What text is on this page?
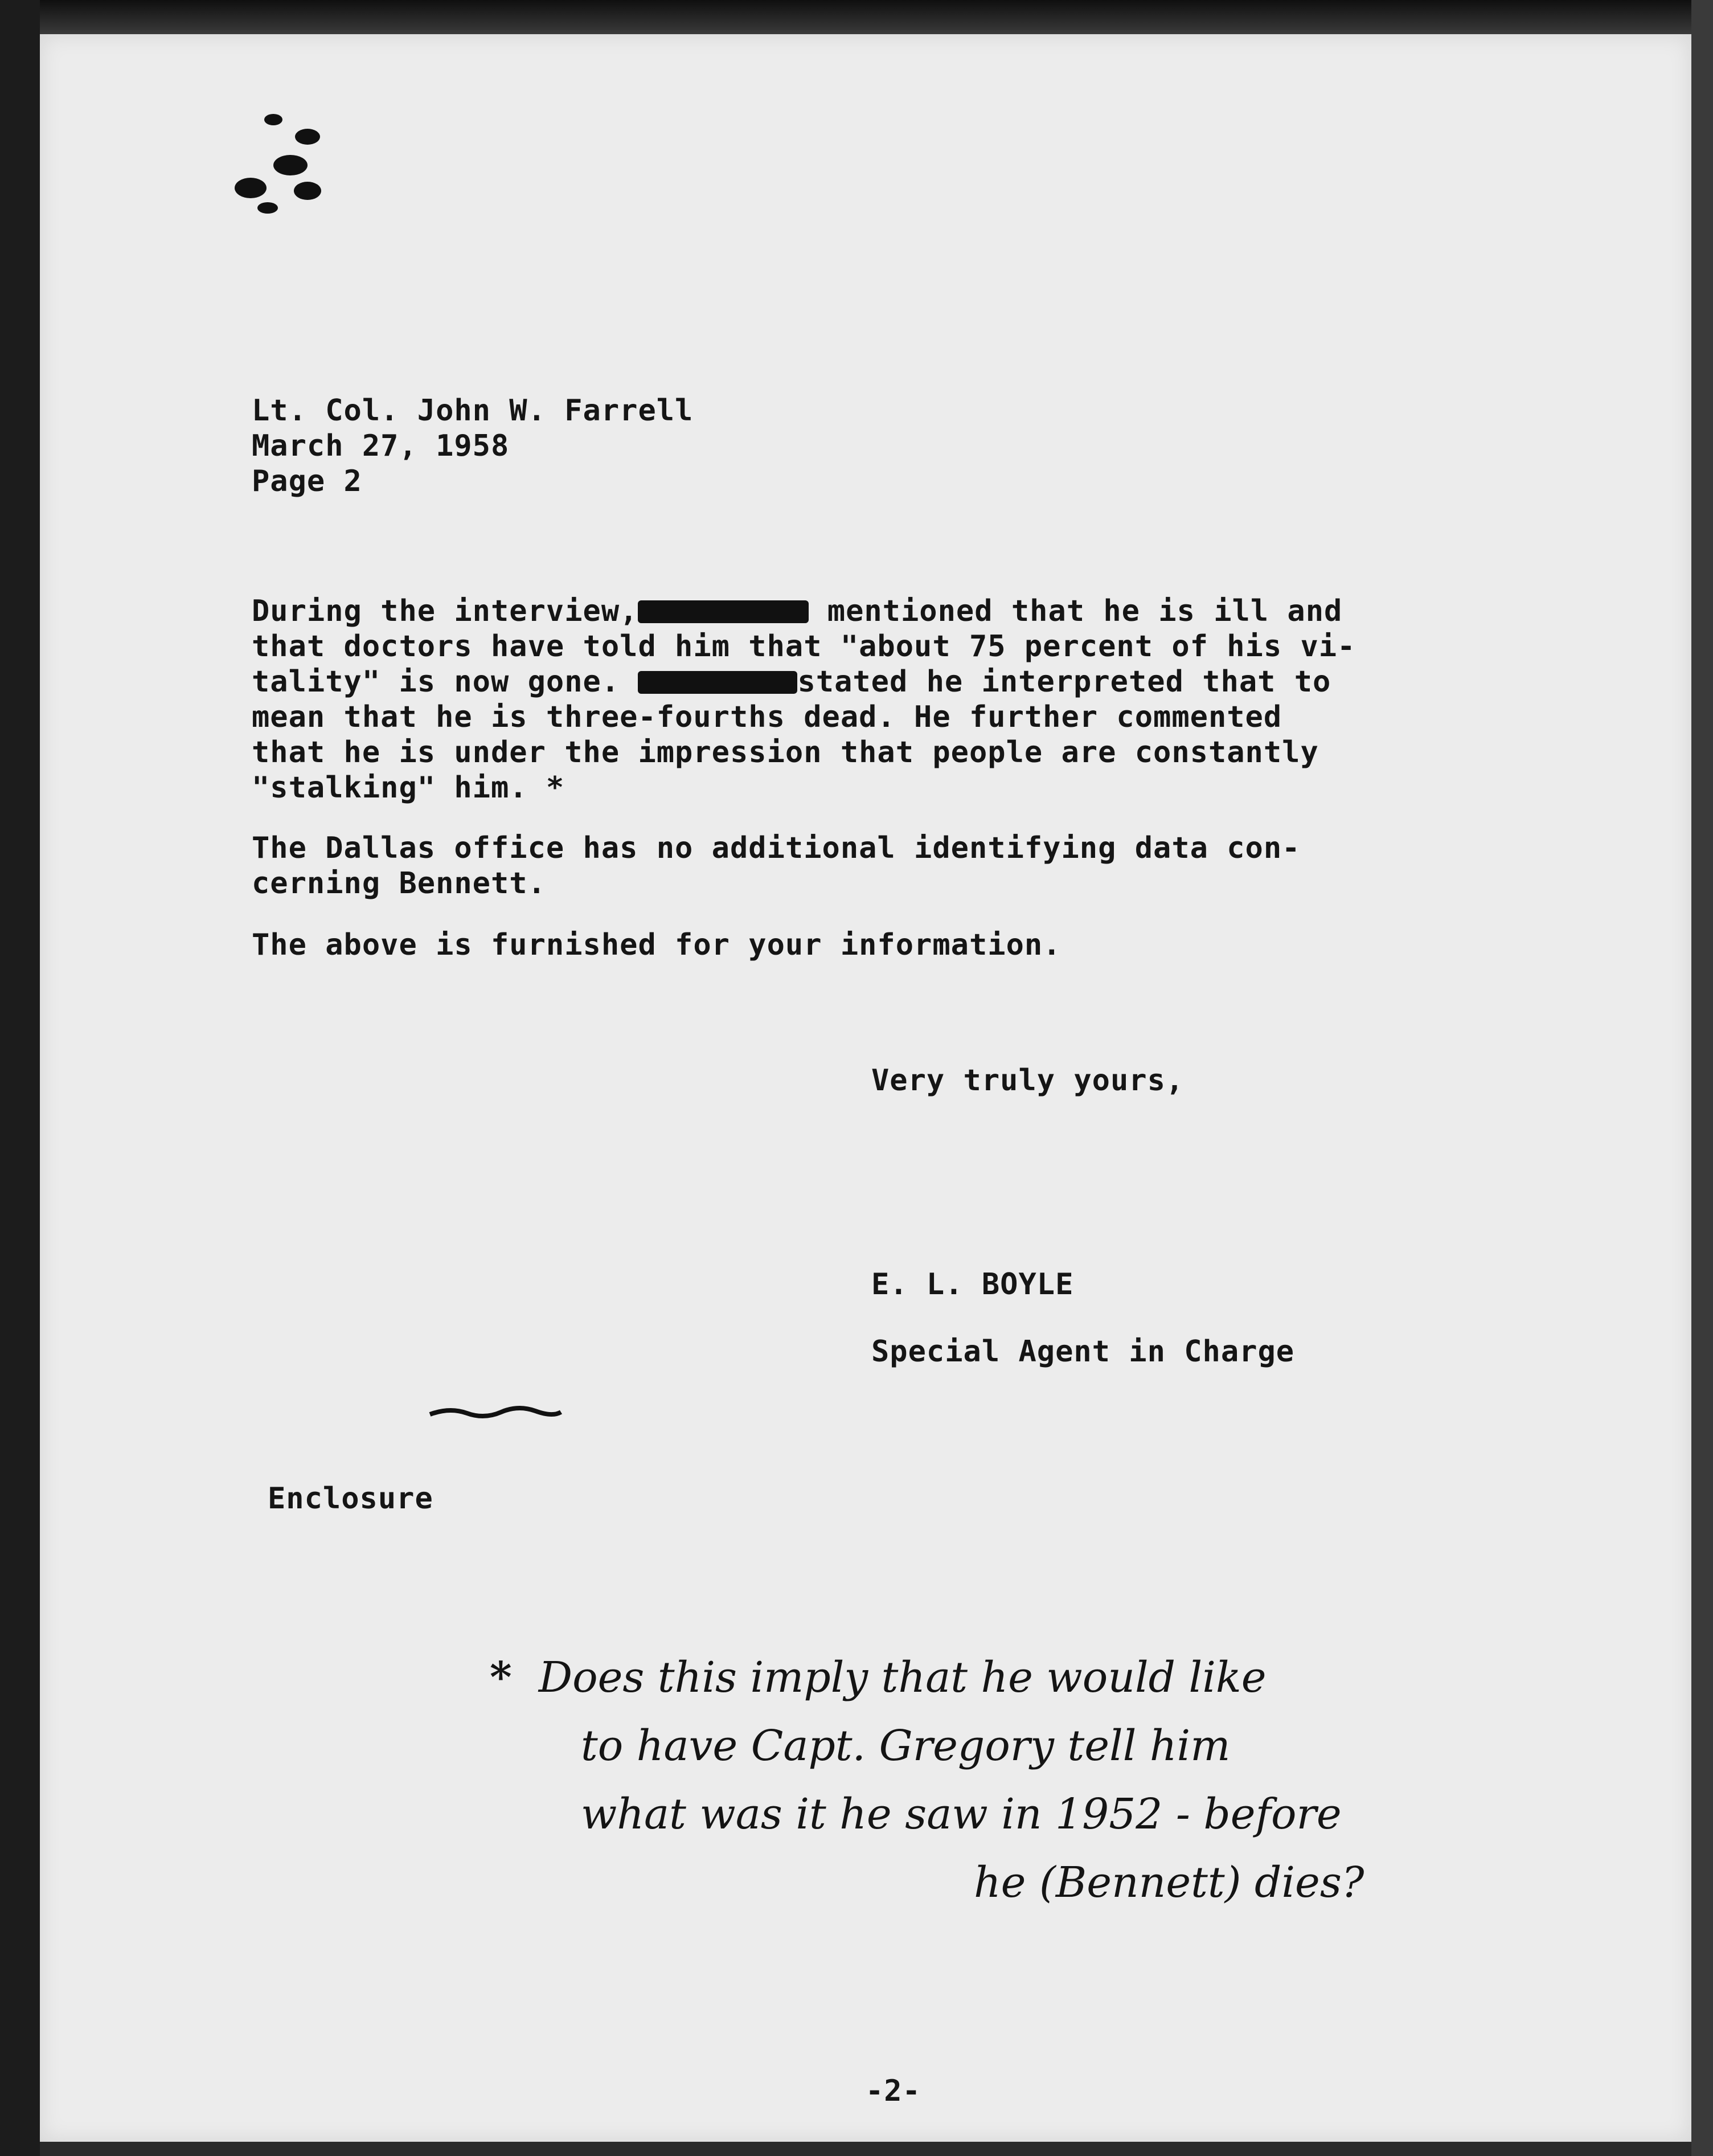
Lt. Col. John W. Farrell
March 27, 1958
Page 2
During the interview,	mentioned that he is ill and
that doctors have told him that "about 75 percent of his vi-
tality" is now gone.	stated he interpreted that to
mean that he is three-fourths dead. He further commented
that he is under the impression that people are constantly
"stalking" him. *
The Dallas office has no additional identifying data con-
cerning Bennett.
The above is furnished for your information.
Very truly yours,
E. L. BOYLE
Special Agent in Charge
Enclosure
* Does this imply that he would like
to have Capt. Gregory tell him
what was it he saw in 1952 - before
he (Bennett) dies?
-2-
